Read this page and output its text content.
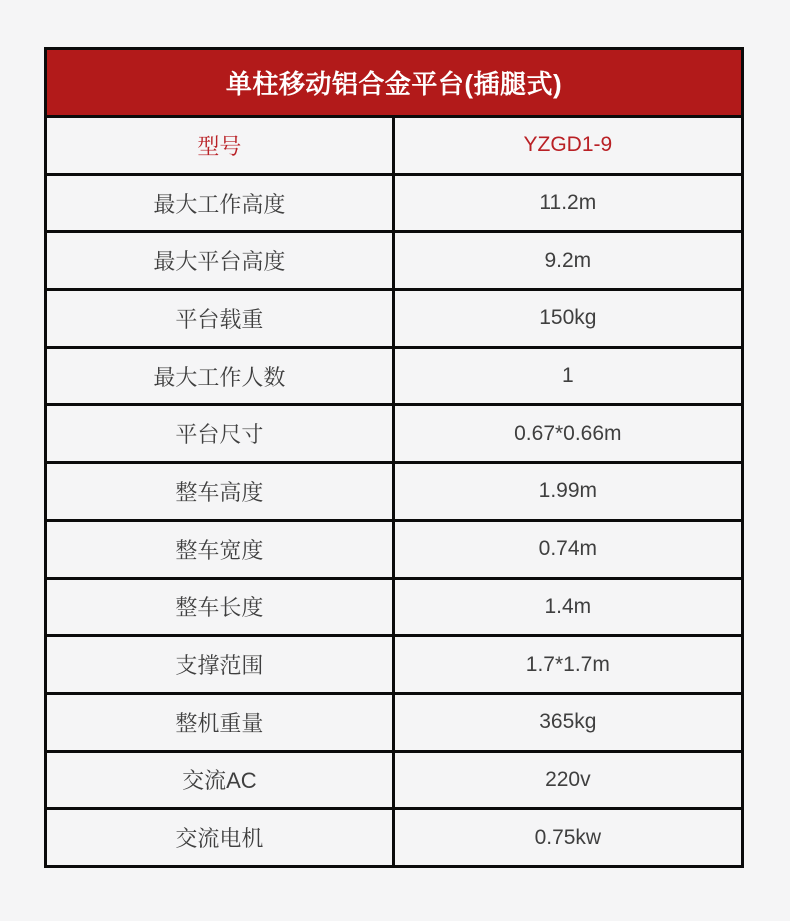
单柱移动铝合金平台(插腿式)
型号	YZGD1-9
最大工作高度	11.2m
最大平台高度	9.2m
平台载重	150kg
最大工作人数	1
平台尺寸	0.67*0.66m
整车高度	1.99m
整车宽度	0.74m
整车长度	1.4m
支撑范围	1.7*1.7m
整机重量	365kg
交流AC	220v
交流电机	0.75kw
